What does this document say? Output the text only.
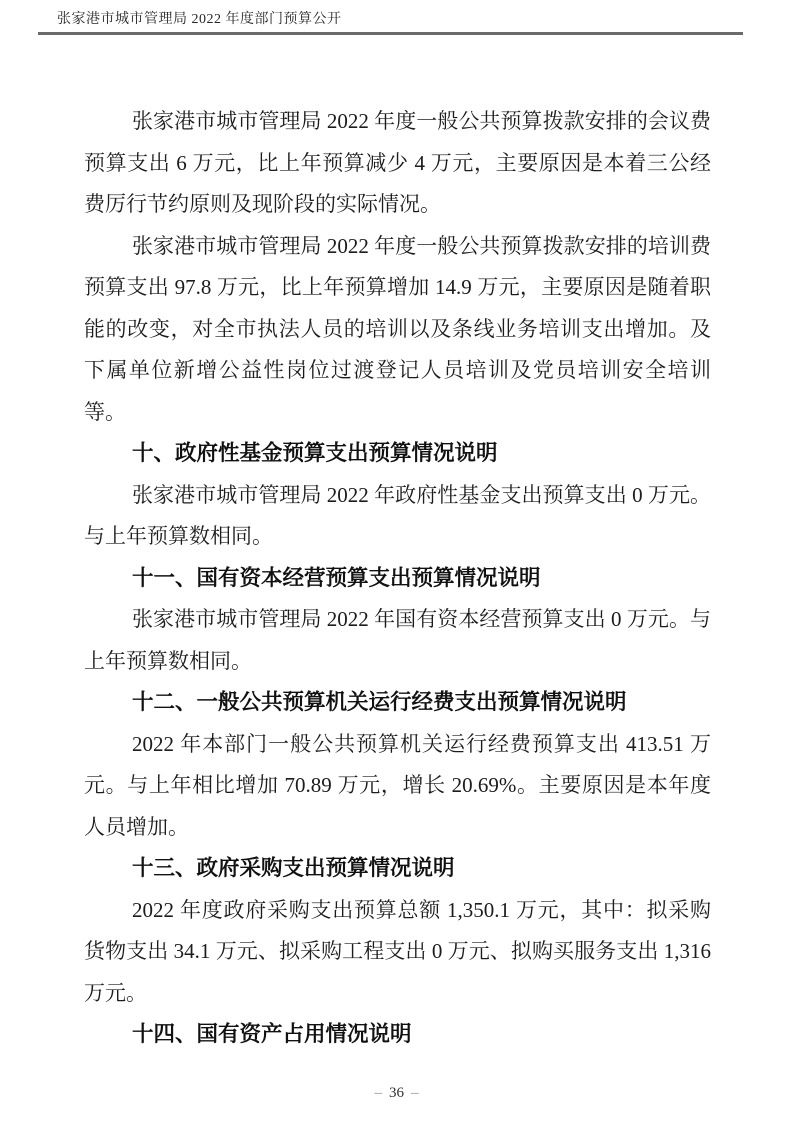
张家港市城市管理局 2022 年度部门预算公开

张家港市城市管理局 2022 年度一般公共预算拨款安排的会议费预算支出 6 万元，比上年预算减少 4 万元，主要原因是本着三公经费厉行节约原则及现阶段的实际情况。

张家港市城市管理局 2022 年度一般公共预算拨款安排的培训费预算支出 97.8 万元，比上年预算增加 14.9 万元，主要原因是随着职能的改变，对全市执法人员的培训以及条线业务培训支出增加。及下属单位新增公益性岗位过渡登记人员培训及党员培训安全培训等。

十、政府性基金预算支出预算情况说明

张家港市城市管理局 2022 年政府性基金支出预算支出 0 万元。与上年预算数相同。

十一、国有资本经营预算支出预算情况说明

张家港市城市管理局 2022 年国有资本经营预算支出 0 万元。与上年预算数相同。

十二、一般公共预算机关运行经费支出预算情况说明

2022 年本部门一般公共预算机关运行经费预算支出 413.51 万元。与上年相比增加 70.89 万元，增长 20.69%。主要原因是本年度人员增加。

十三、政府采购支出预算情况说明

2022 年度政府采购支出预算总额 1,350.1 万元，其中：拟采购货物支出 34.1 万元、拟采购工程支出 0 万元、拟购买服务支出 1,316 万元。

十四、国有资产占用情况说明
– 36 –
